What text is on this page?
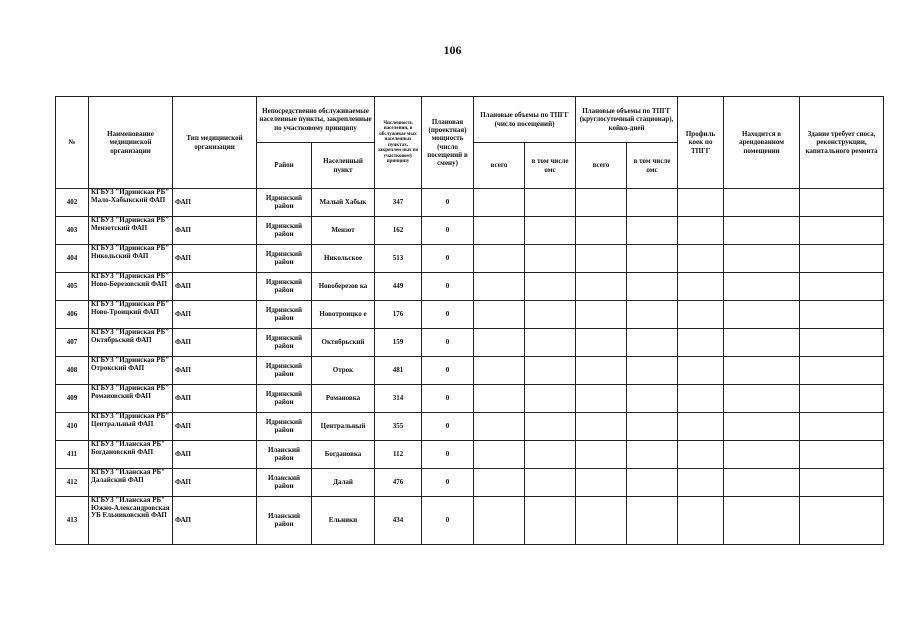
106
№	Наименование медицинской организации	Тип медицинской организации	Непосредственно обслуживаемые населенные пункты, закрепленные по участковому принципу		Численность населения, в обслуживае мых населенных пунктах, закреплен ных по участковому принципу	Плановая (проектная) мощность (число посещений в смену)	Плановые объемы по ТПГГ (число посещений)		Плановые объемы по ТПГГ (круглосуточный стационар), койко-дней		Профиль коек по ТПГГ	Находится в арендованном помещении	Здание требует сноса, реконструкции, капитального ремонта
			Район	Населенный пункт			всего	в том числе омс	всего	в том числе омс			
402	КГБУЗ "Идринская РБ" Мало-Хабыкский ФАП	ФАП	Идринский район	Малый Хабык	347	0							
403	КГБУЗ "Идринская РБ" Мензотский ФАП	ФАП	Идринский район	Мензот	162	0							
404	КГБУЗ "Идринская РБ" Никольский ФАП	ФАП	Идринский район	Никольское	513	0							
405	КГБУЗ "Идринская РБ" Ново-Березовский ФАП	ФАП	Идринский район	Новоберезов ка	449	0							
406	КГБУЗ "Идринская РБ" Ново-Троицкий ФАП	ФАП	Идринский район	Новотроицко е	176	0							
407	КГБУЗ "Идринская РБ" Октябрьский ФАП	ФАП	Идринский район	Октябрьский	159	0							
408	КГБУЗ "Идринская РБ" Отрокский ФАП	ФАП	Идринский район	Отрок	481	0							
409	КГБУЗ "Идринская РБ" Романовский ФАП	ФАП	Идринский район	Романовка	314	0							
410	КГБУЗ "Идринская РБ" Центральный ФАП	ФАП	Идринский район	Центральный	355	0							
411	КГБУЗ "Иланская РБ" Богдановский ФАП	ФАП	Иланский район	Богдановка	112	0							
412	КГБУЗ "Иланская РБ" Далайский ФАП	ФАП	Иланский район	Далай	476	0							
413	КГБУЗ "Иланская РБ" Южно-Александровская УБ Ельниковский ФАП	ФАП	Иланский район	Ельники	434	0							
